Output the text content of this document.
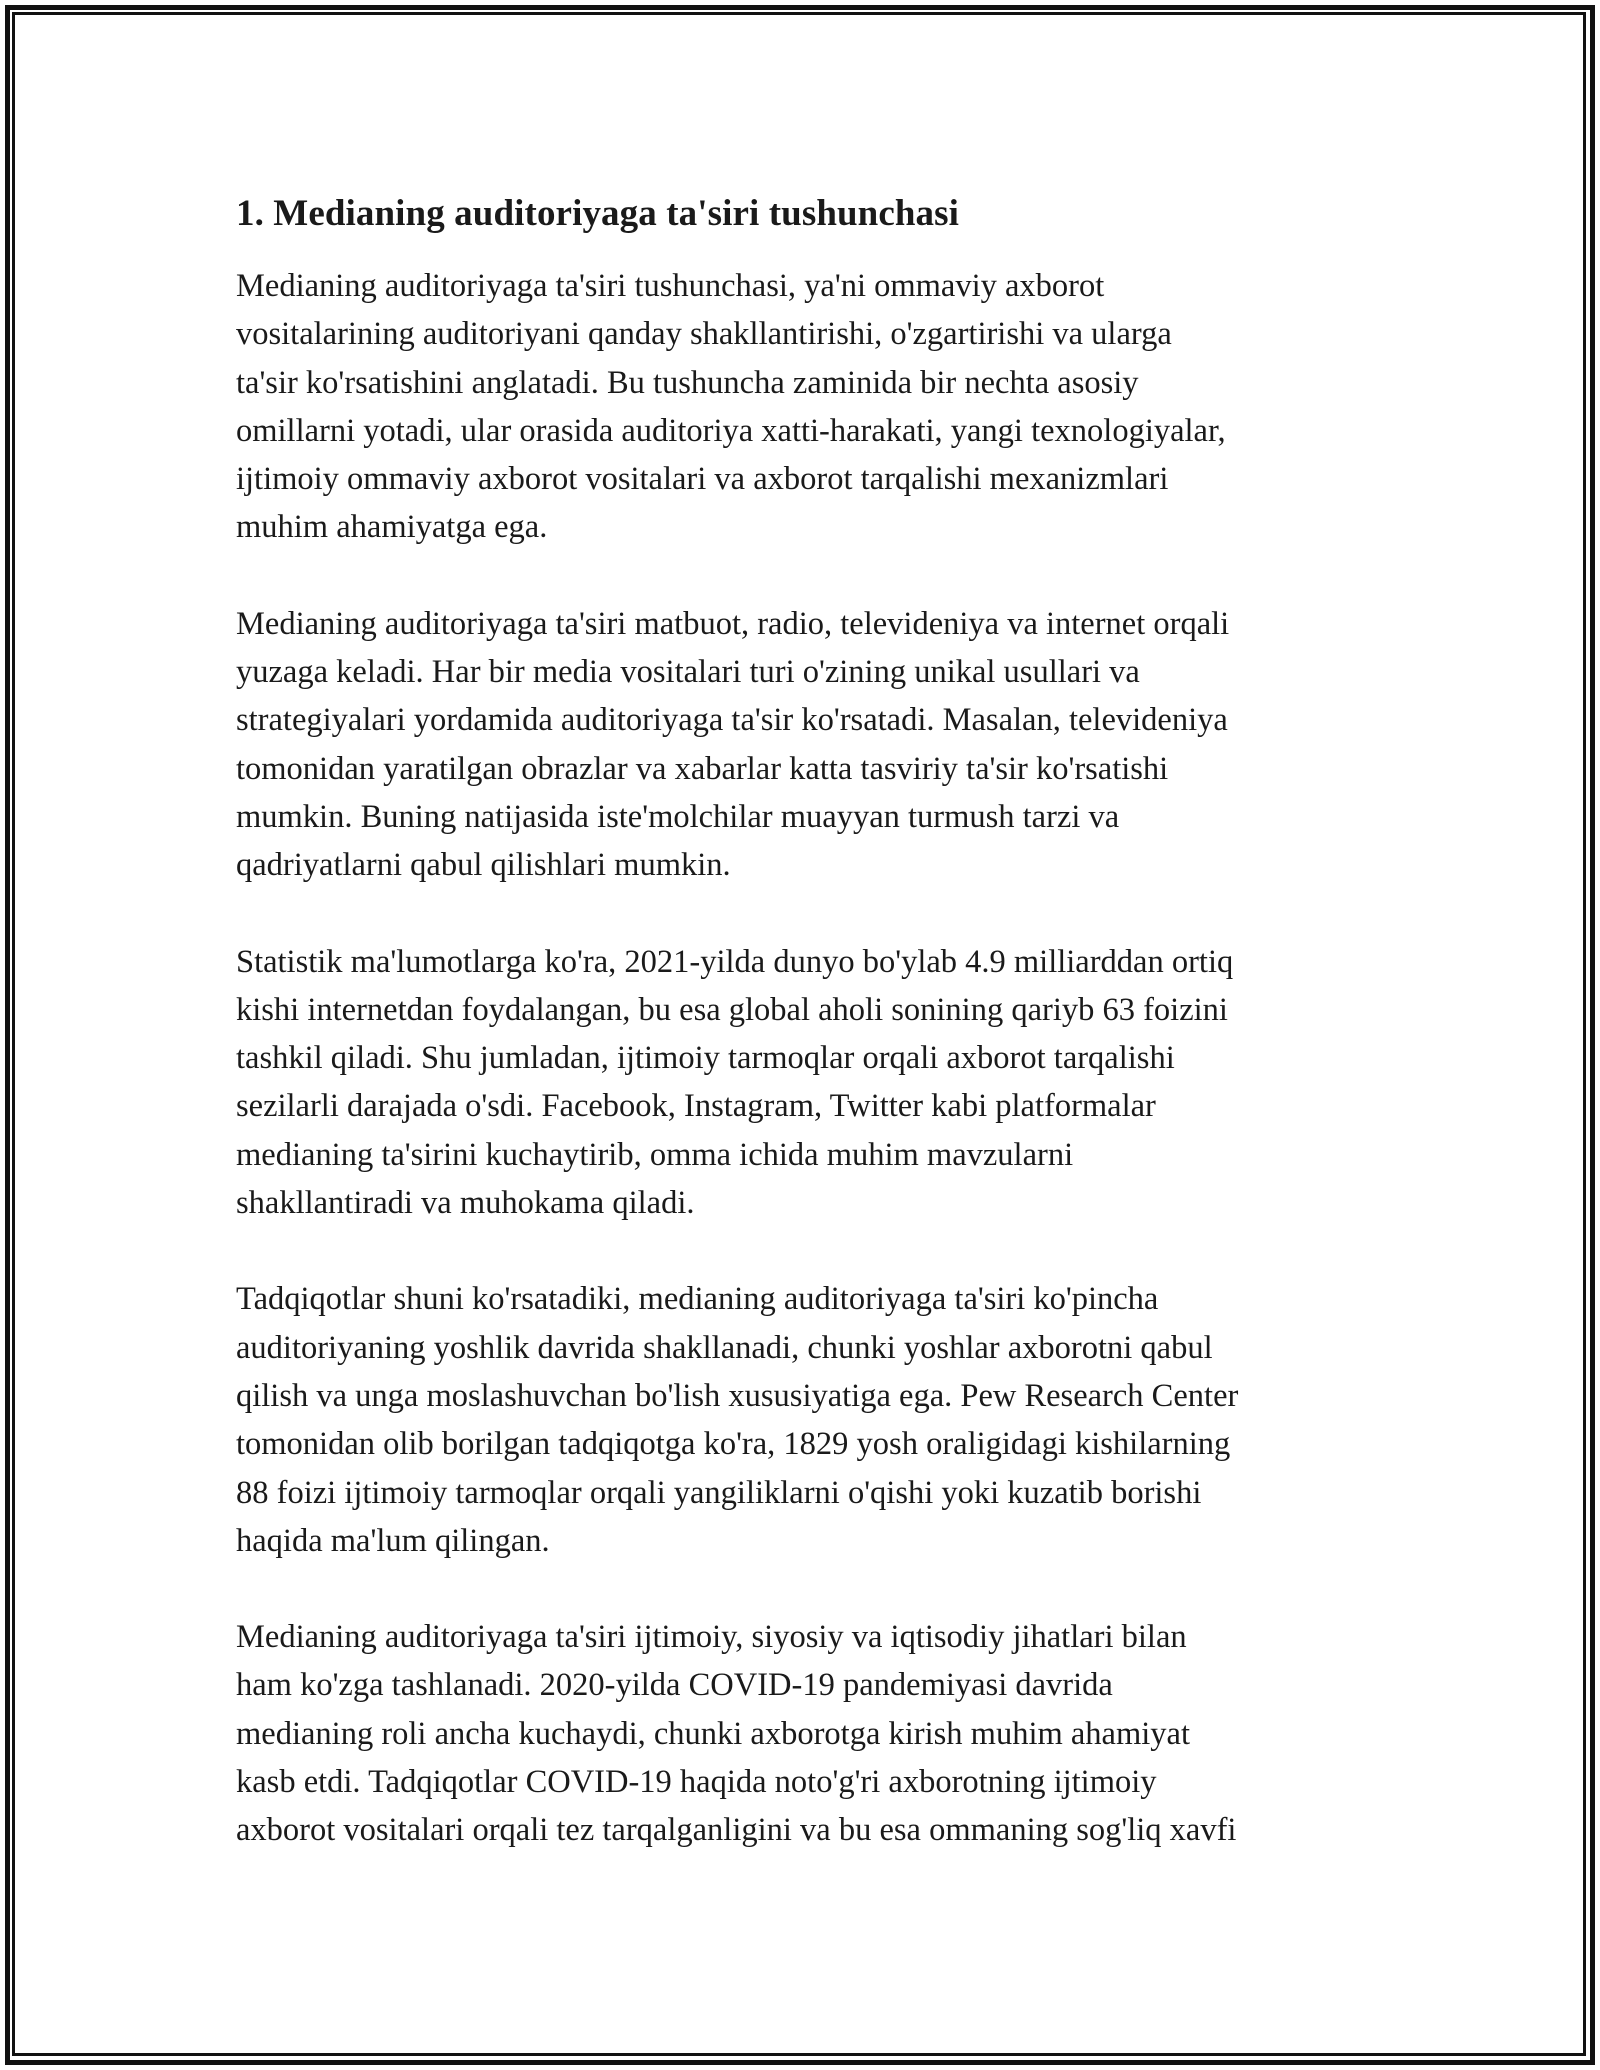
1. Medianing auditoriyaga ta'siri tushunchasi

Medianing auditoriyaga ta'siri tushunchasi, ya'ni ommaviy axborot
vositalarining auditoriyani qanday shakllantirishi, o'zgartirishi va ularga
ta'sir ko'rsatishini anglatadi. Bu tushuncha zaminida bir nechta asosiy
omillarni yotadi, ular orasida auditoriya xatti-harakati, yangi texnologiyalar,
ijtimoiy ommaviy axborot vositalari va axborot tarqalishi mexanizmlari
muhim ahamiyatga ega.

Medianing auditoriyaga ta'siri matbuot, radio, televideniya va internet orqali
yuzaga keladi. Har bir media vositalari turi o'zining unikal usullari va
strategiyalari yordamida auditoriyaga ta'sir ko'rsatadi. Masalan, televideniya
tomonidan yaratilgan obrazlar va xabarlar katta tasviriy ta'sir ko'rsatishi
mumkin. Buning natijasida iste'molchilar muayyan turmush tarzi va
qadriyatlarni qabul qilishlari mumkin.

Statistik ma'lumotlarga ko'ra, 2021-yilda dunyo bo'ylab 4.9 milliarddan ortiq
kishi internetdan foydalangan, bu esa global aholi sonining qariyb 63 foizini
tashkil qiladi. Shu jumladan, ijtimoiy tarmoqlar orqali axborot tarqalishi
sezilarli darajada o'sdi. Facebook, Instagram, Twitter kabi platformalar
medianing ta'sirini kuchaytirib, omma ichida muhim mavzularni
shakllantiradi va muhokama qiladi.

Tadqiqotlar shuni ko'rsatadiki, medianing auditoriyaga ta'siri ko'pincha
auditoriyaning yoshlik davrida shakllanadi, chunki yoshlar axborotni qabul
qilish va unga moslashuvchan bo'lish xususiyatiga ega. Pew Research Center
tomonidan olib borilgan tadqiqotga ko'ra, 1829 yosh oraligidagi kishilarning
88 foizi ijtimoiy tarmoqlar orqali yangiliklarni o'qishi yoki kuzatib borishi
haqida ma'lum qilingan.

Medianing auditoriyaga ta'siri ijtimoiy, siyosiy va iqtisodiy jihatlari bilan
ham ko'zga tashlanadi. 2020-yilda COVID-19 pandemiyasi davrida
medianing roli ancha kuchaydi, chunki axborotga kirish muhim ahamiyat
kasb etdi. Tadqiqotlar COVID-19 haqida noto'g'ri axborotning ijtimoiy
axborot vositalari orqali tez tarqalganligini va bu esa ommaning sog'liq xavfi
